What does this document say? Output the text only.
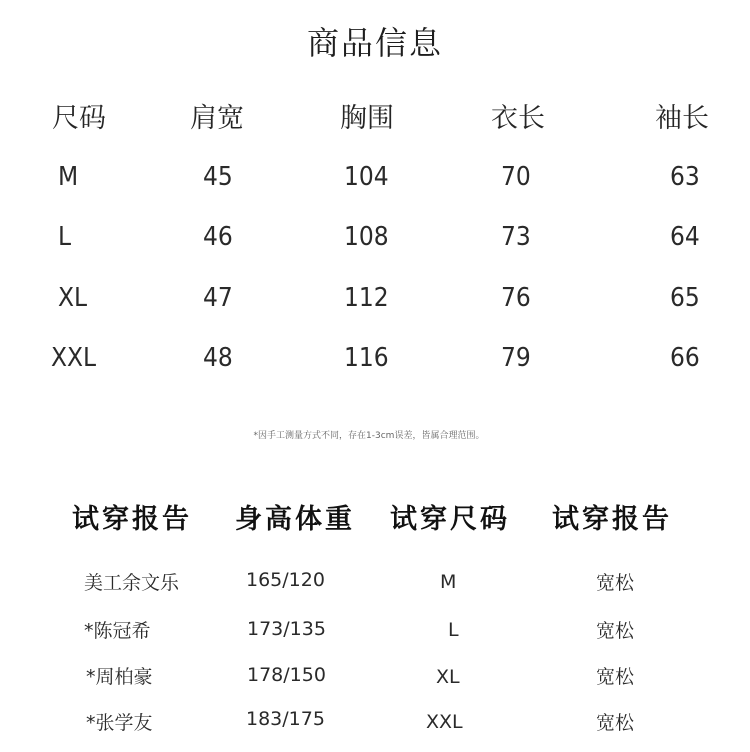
商品信息
尺码	肩宽	胸围	衣长	袖长
M	45	104	70	63
L	46	108	73	64
XL	47	112	76	65
XXL	48	116	79	66
*因手工测量方式不同，存在1-3cm误差，皆属合理范围。
试穿报告 身高体重 试穿尺码 试穿报告
美工余文乐	165/120	M	宽松
*陈冠希	173/135	L	宽松
*周柏豪	178/150	XL	宽松
*张学友	183/175	XXL	宽松
